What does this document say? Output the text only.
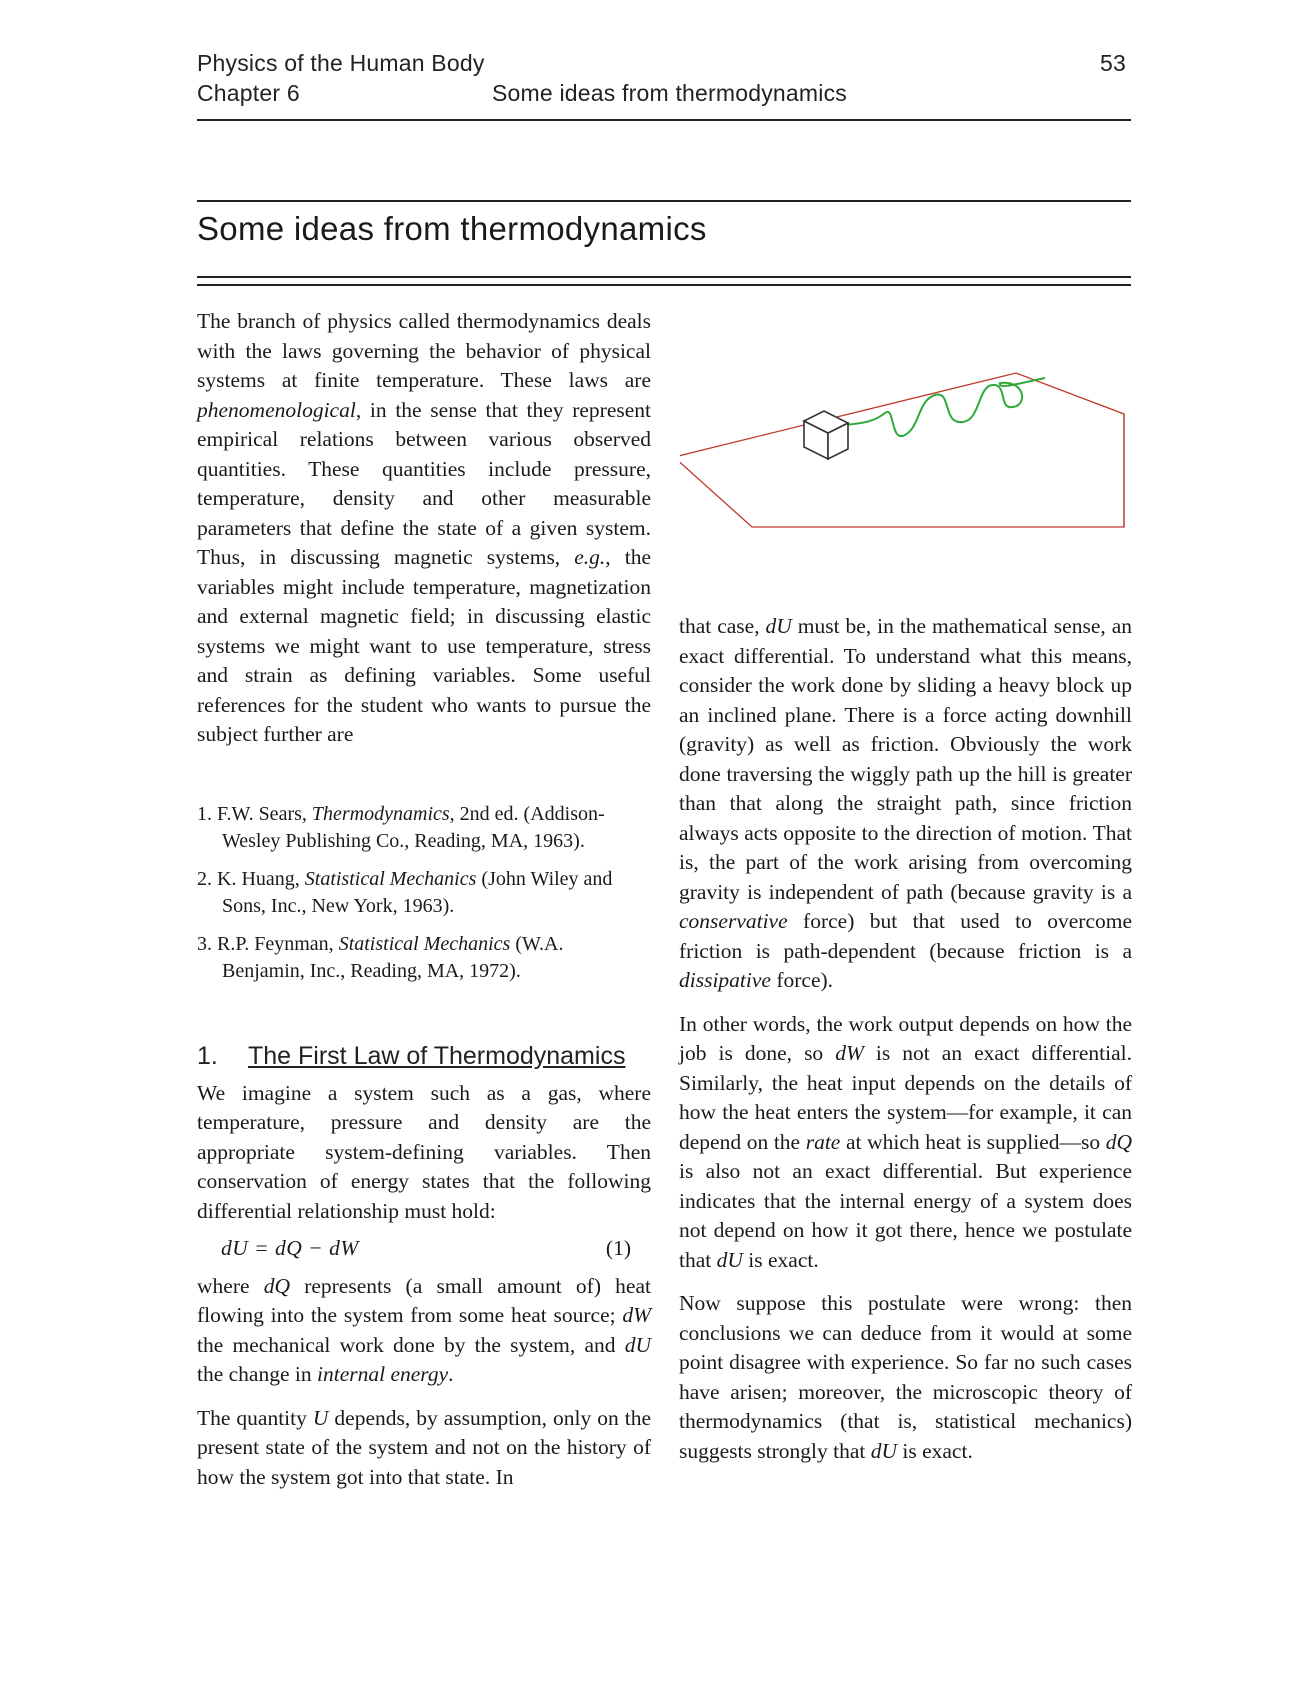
Physics of the Human Body	53
Chapter 6	Some ideas from thermodynamics
Some ideas from thermodynamics

The branch of physics called thermodynamics deals with the laws governing the behavior of physical systems at finite temperature. These laws are phenomenological, in the sense that they represent empirical relations between various observed quantities. These quantities include pressure, temperature, density and other measurable parameters that define the state of a given system. Thus, in discussing magnetic systems, e.g., the variables might include temperature, magnetization and external magnetic field; in discussing elastic systems we might want to use temperature, stress and strain as defining variables. Some useful references for the student who wants to pursue the subject further are

1. F.W. Sears, Thermodynamics, 2nd ed. (Addison-Wesley Publishing Co., Reading, MA, 1963).
2. K. Huang, Statistical Mechanics (John Wiley and Sons, Inc., New York, 1963).
3. R.P. Feynman, Statistical Mechanics (W.A. Benjamin, Inc., Reading, MA, 1972).
1.	The First Law of Thermodynamics

We imagine a system such as a gas, where temperature, pressure and density are the appropriate system-defining variables. Then conservation of energy states that the following differential relationship must hold:

dU = dQ − dW	(1)

where dQ represents (a small amount of) heat flowing into the system from some heat source; dW the mechanical work done by the system, and dU the change in internal energy.

The quantity U depends, by assumption, only on the present state of the system and not on the history of how the system got into that state. In

that case, dU must be, in the mathematical sense, an exact differential. To understand what this means, consider the work done by sliding a heavy block up an inclined plane. There is a force acting downhill (gravity) as well as friction. Obviously the work done traversing the wiggly path up the hill is greater than that along the straight path, since friction always acts opposite to the direction of motion. That is, the part of the work arising from overcoming gravity is independent of path (because gravity is a conservative force) but that used to overcome friction is path-dependent (because friction is a dissipative force).

In other words, the work output depends on how the job is done, so dW is not an exact differential. Similarly, the heat input depends on the details of how the heat enters the system—for example, it can depend on the rate at which heat is supplied—so dQ is also not an exact differential. But experience indicates that the internal energy of a system does not depend on how it got there, hence we postulate that dU is exact.

Now suppose this postulate were wrong: then conclusions we can deduce from it would at some point disagree with experience. So far no such cases have arisen; moreover, the microscopic theory of thermodynamics (that is, statistical mechanics) suggests strongly that dU is exact.
